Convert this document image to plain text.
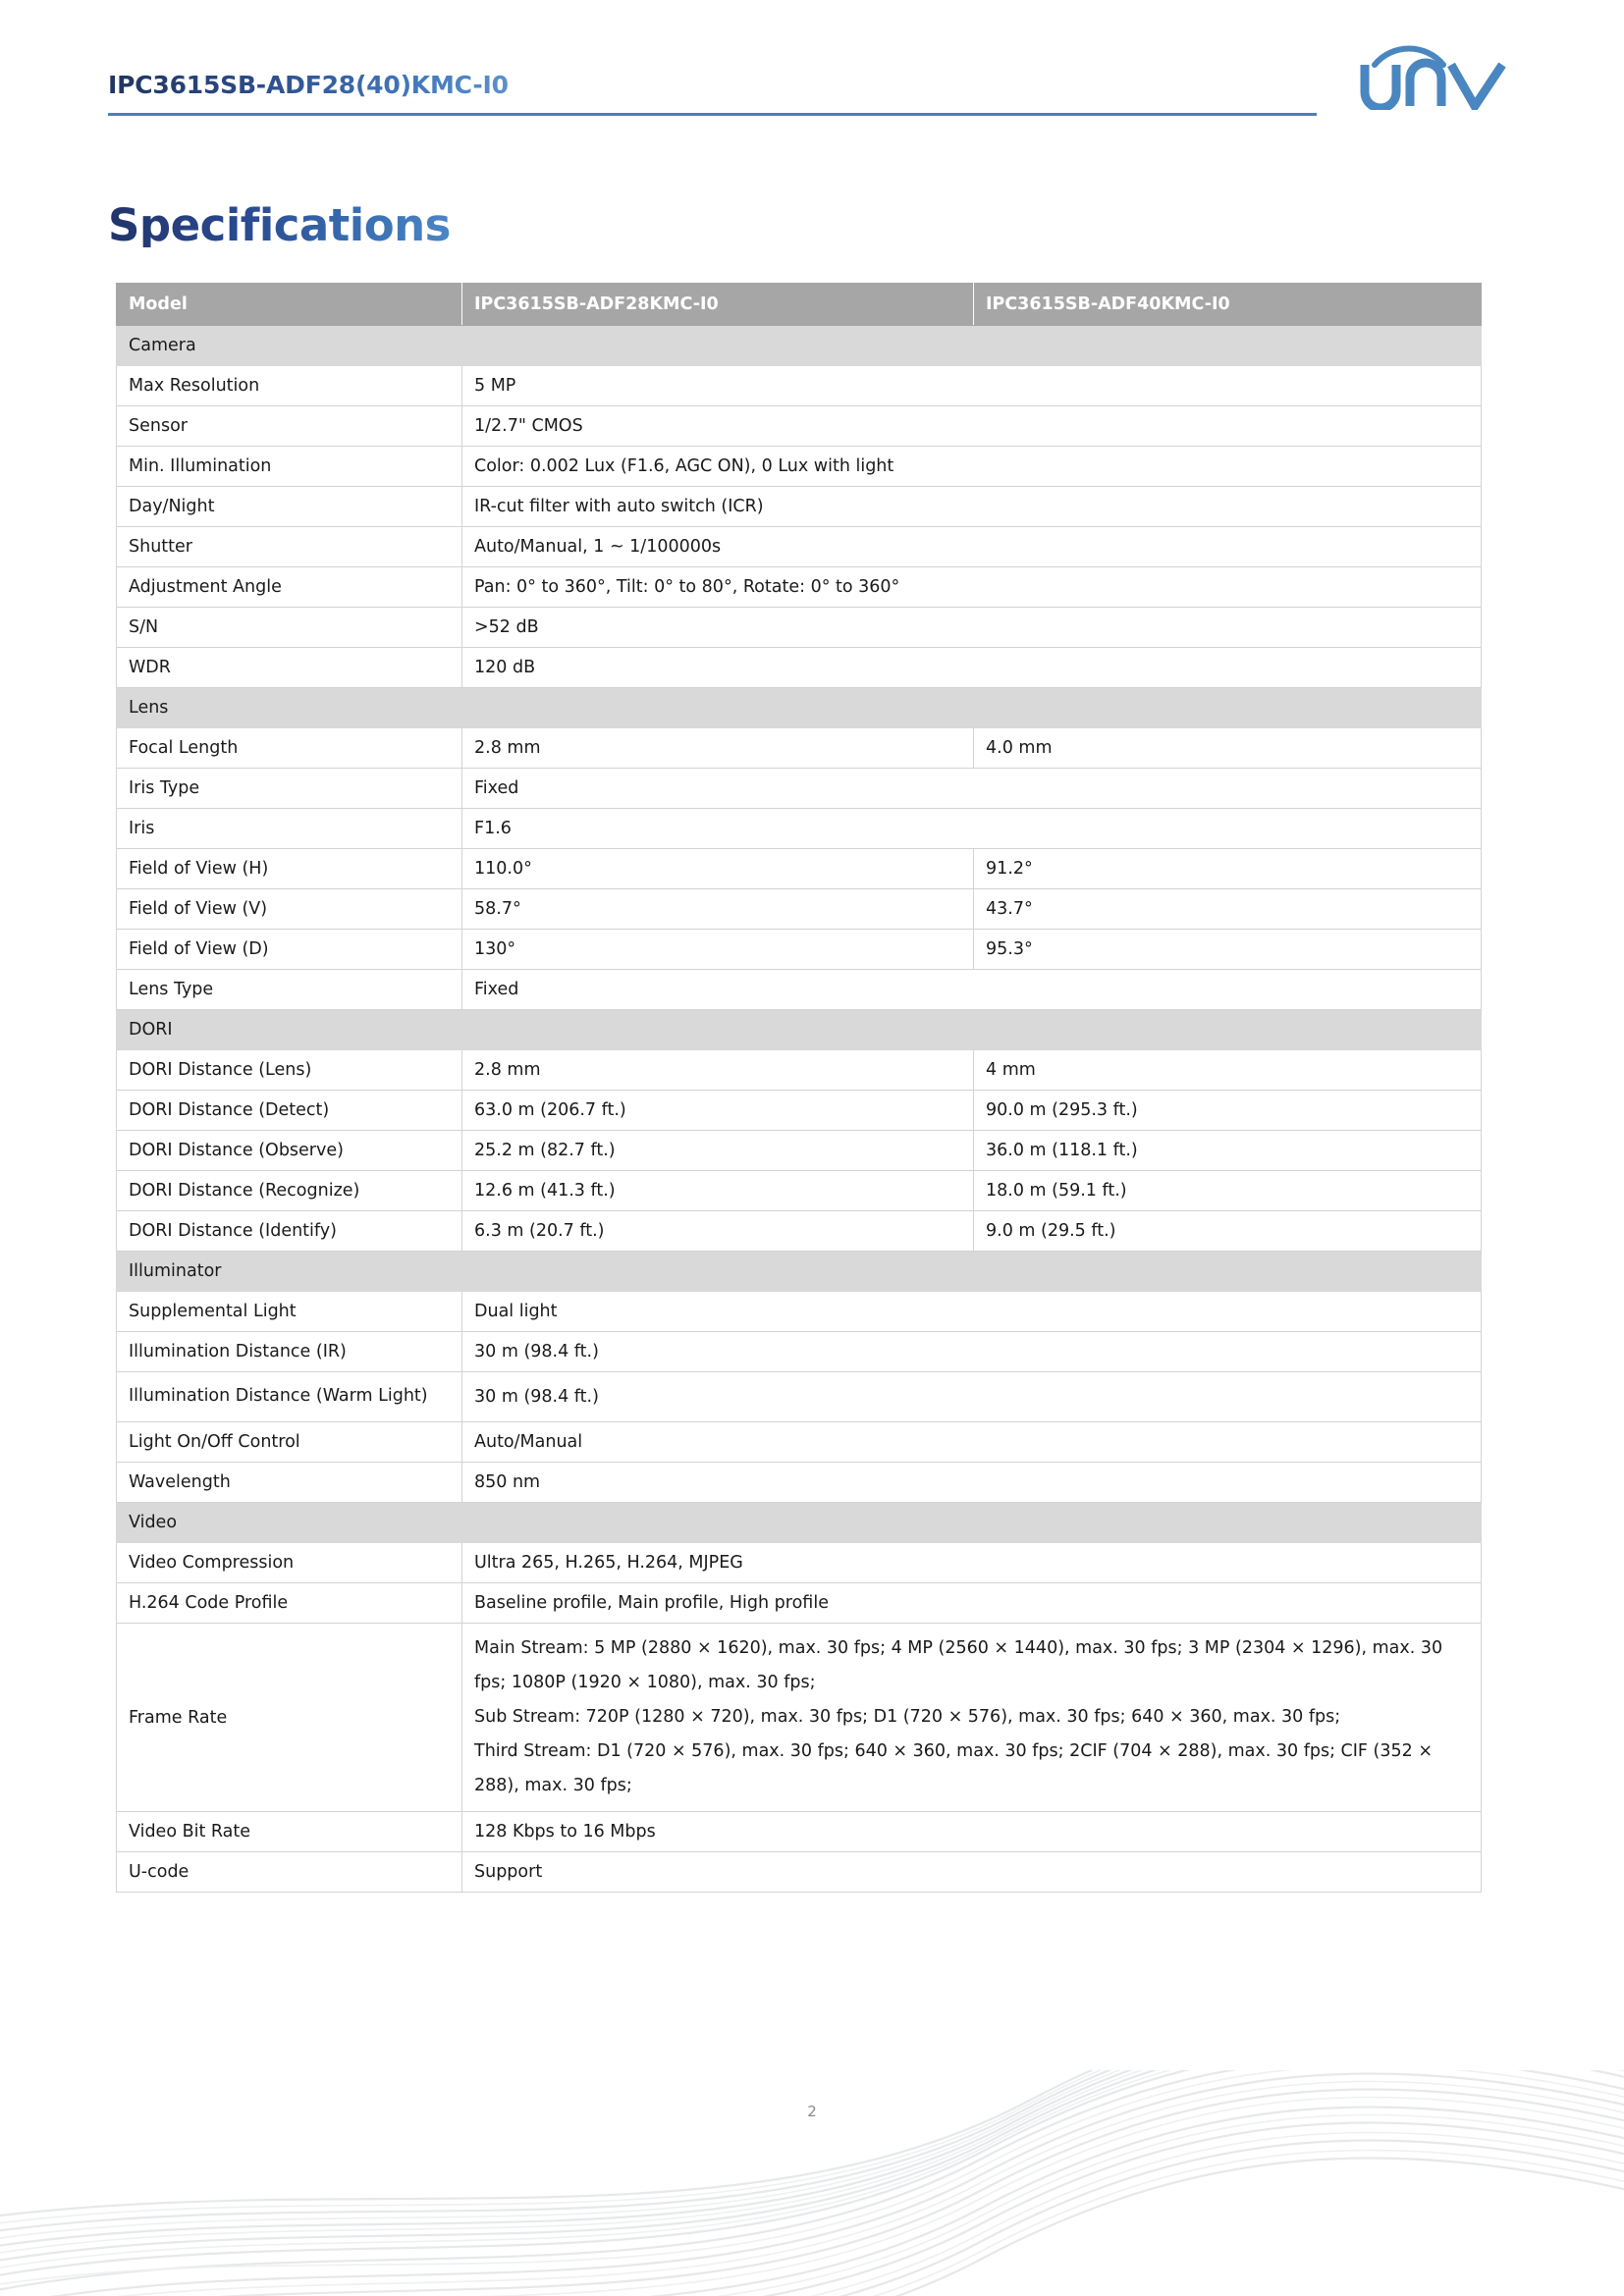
IPC3615SB-ADF28(40)KMC-I0
Specifications
Model	IPC3615SB-ADF28KMC-I0	IPC3615SB-ADF40KMC-I0
Camera		
Max Resolution	5 MP	
Sensor	1/2.7" CMOS	
Min. Illumination	Color: 0.002 Lux (F1.6, AGC ON), 0 Lux with light	
Day/Night	IR-cut filter with auto switch (ICR)	
Shutter	Auto/Manual, 1 ~ 1/100000s	
Adjustment Angle	Pan: 0° to 360°, Tilt: 0° to 80°, Rotate: 0° to 360°	
S/N	>52 dB	
WDR	120 dB	
Lens		
Focal Length	2.8 mm	4.0 mm
Iris Type	Fixed	
Iris	F1.6	
Field of View (H)	110.0°	91.2°
Field of View (V)	58.7°	43.7°
Field of View (D)	130°	95.3°
Lens Type	Fixed	
DORI		
DORI Distance (Lens)	2.8 mm	4 mm
DORI Distance (Detect)	63.0 m (206.7 ft.)	90.0 m (295.3 ft.)
DORI Distance (Observe)	25.2 m (82.7 ft.)	36.0 m (118.1 ft.)
DORI Distance (Recognize)	12.6 m (41.3 ft.)	18.0 m (59.1 ft.)
DORI Distance (Identify)	6.3 m (20.7 ft.)	9.0 m (29.5 ft.)
Illuminator		
Supplemental Light	Dual light	
Illumination Distance (IR)	30 m (98.4 ft.)	
Illumination Distance (Warm Light)	30 m (98.4 ft.)	
Light On/Off Control	Auto/Manual	
Wavelength	850 nm	
Video		
Video Compression	Ultra 265, H.265, H.264, MJPEG	
H.264 Code Profile	Baseline profile, Main profile, High profile	
Frame Rate	Main Stream: 5 MP (2880 × 1620), max. 30 fps; 4 MP (2560 × 1440), max. 30 fps; 3 MP (2304 × 1296), max. 30 fps; 1080P (1920 × 1080), max. 30 fps;
Sub Stream: 720P (1280 × 720), max. 30 fps; D1 (720 × 576), max. 30 fps; 640 × 360, max. 30 fps;
Third Stream: D1 (720 × 576), max. 30 fps; 640 × 360, max. 30 fps; 2CIF (704 × 288), max. 30 fps; CIF (352 × 288), max. 30 fps;	

Video Bit Rate	128 Kbps to 16 Mbps	
U-code	Support	
2
